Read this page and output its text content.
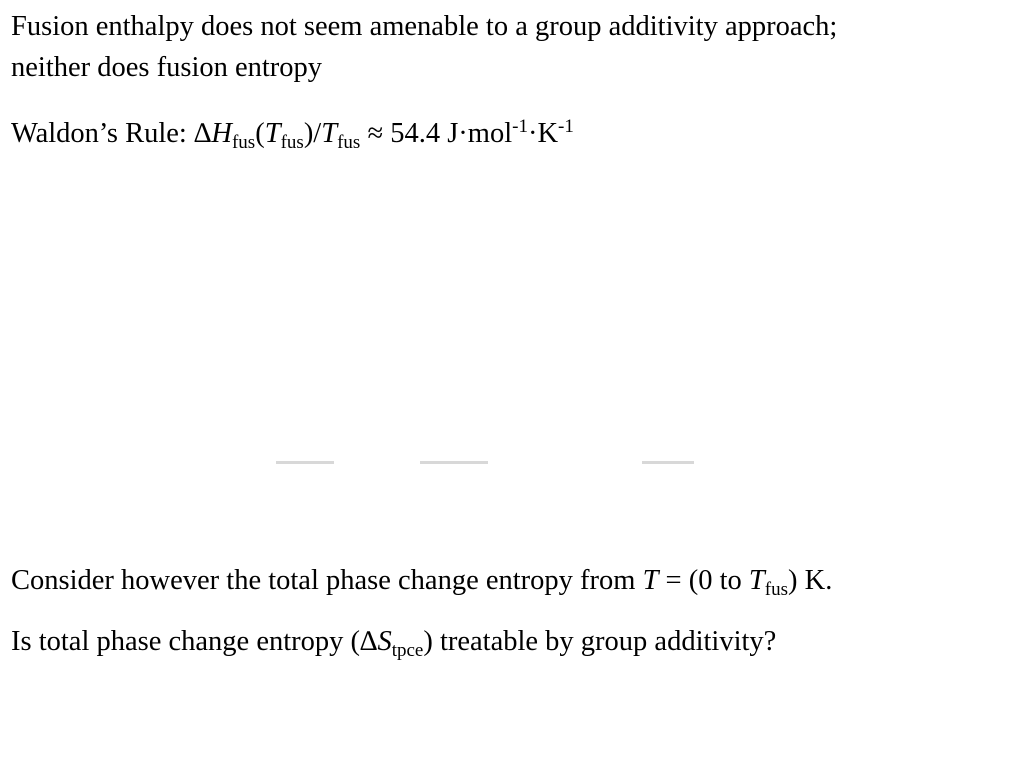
Fusion enthalpy does not seem amenable to a group additivity approach;
neither does fusion entropy
Waldon’s Rule: $\Delta H_{fus}(T_{fus})/T_{fus} \approx 54.4$ $J\cdot mol^{-1}\cdot K^{-1}$
Consider however the total phase change entropy from T = (0 to $T_{fus}$) K.
Is total phase change entropy $(\Delta S_{tpce})$ treatable by group additivity?
